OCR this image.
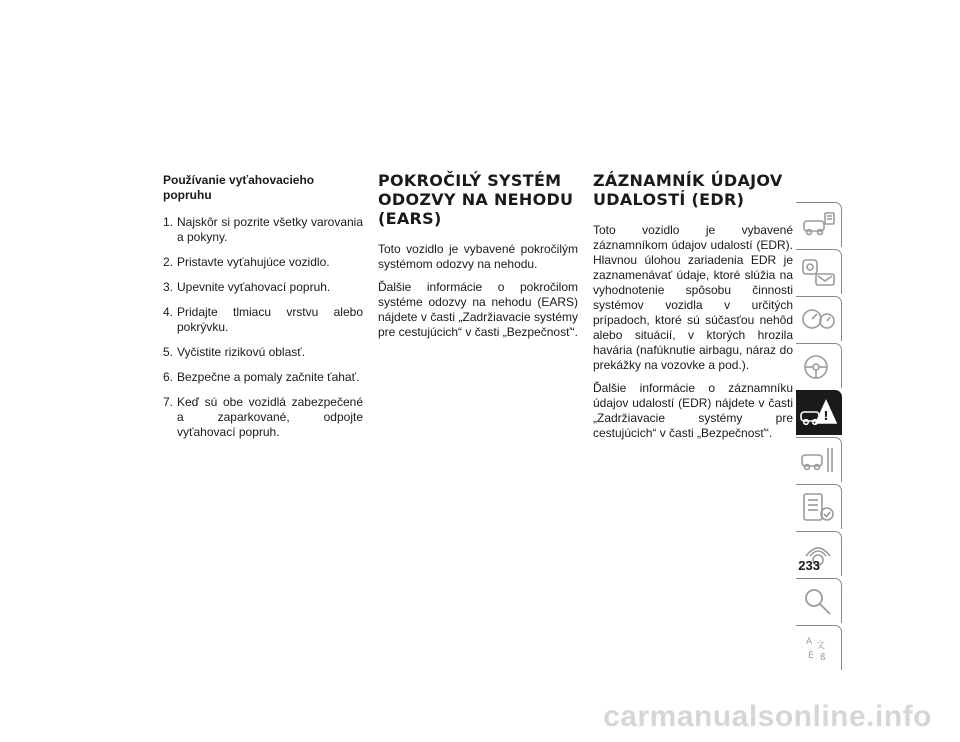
Používanie vyťahovacieho popruhu
1. Najskôr si pozrite všetky varovania a pokyny.
2. Pristavte vyťahujúce vozidlo.
3. Upevnite vyťahovací popruh.
4. Pridajte tlmiacu vrstvu alebo pokrývku.
5. Vyčistite rizikovú oblasť.
6. Bezpečne a pomaly začnite ťahať.
7. Keď sú obe vozidlá zabezpečené a zaparkované, odpojte vyťahovací popruh.
POKROČILÝ SYSTÉM
ODOZVY NA NEHODU
(EARS)

Toto vozidlo je vybavené pokročilým systémom odozvy na nehodu.

Ďalšie informácie o pokročilom systéme odozvy na nehodu (EARS) nájdete v časti „Zadržiavacie systémy pre cestujúcich“ v časti „Bezpečnosť“.

ZÁZNAMNÍK ÚDAJOV
UDALOSTÍ (EDR)

Toto vozidlo je vybavené záznamníkom údajov udalostí (EDR). Hlavnou úlohou zariadenia EDR je zaznamenávať údaje, ktoré slúžia na vyhodnotenie spôsobu činnosti systémov vozidla v určitých prípadoch, ktoré sú súčasťou nehôd alebo situácií, v ktorých hrozila havária (nafúknutie airbagu, náraz do prekážky na vozovke a pod.).

Ďalšie informácie o záznamníku údajov udalostí (EDR) nájdete v časti „Zadržiavacie systémy pre cestujúcich“ v časti „Bezpečnosť“.

!
A 文
É ß
233
carmanualsonline.info
